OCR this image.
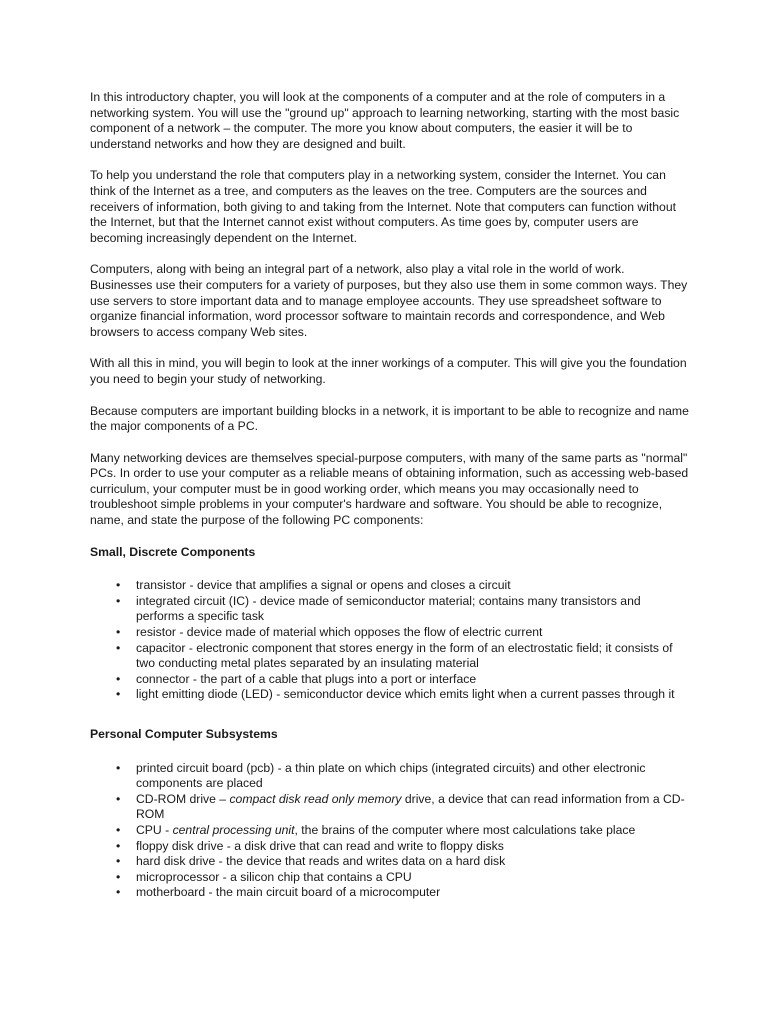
In this introductory chapter, you will look at the components of a computer and at the role of computers in a networking system. You will use the "ground up" approach to learning networking, starting with the most basic component of a network – the computer. The more you know about computers, the easier it will be to understand networks and how they are designed and built.

To help you understand the role that computers play in a networking system, consider the Internet. You can think of the Internet as a tree, and computers as the leaves on the tree. Computers are the sources and receivers of information, both giving to and taking from the Internet. Note that computers can function without the Internet, but that the Internet cannot exist without computers. As time goes by, computer users are becoming increasingly dependent on the Internet.

Computers, along with being an integral part of a network, also play a vital role in the world of work. Businesses use their computers for a variety of purposes, but they also use them in some common ways. They use servers to store important data and to manage employee accounts. They use spreadsheet software to organize financial information, word processor software to maintain records and correspondence, and Web browsers to access company Web sites.

With all this in mind, you will begin to look at the inner workings of a computer. This will give you the foundation you need to begin your study of networking.

Because computers are important building blocks in a network, it is important to be able to recognize and name the major components of a PC.

Many networking devices are themselves special-purpose computers, with many of the same parts as "normal" PCs. In order to use your computer as a reliable means of obtaining information, such as accessing web-based curriculum, your computer must be in good working order, which means you may occasionally need to troubleshoot simple problems in your computer's hardware and software. You should be able to recognize, name, and state the purpose of the following PC components:

Small, Discrete Components
• transistor - device that amplifies a signal or opens and closes a circuit
• integrated circuit (IC) - device made of semiconductor material; contains many transistors and performs a specific task
• resistor - device made of material which opposes the flow of electric current
• capacitor - electronic component that stores energy in the form of an electrostatic field; it consists of two conducting metal plates separated by an insulating material
• connector - the part of a cable that plugs into a port or interface
• light emitting diode (LED) - semiconductor device which emits light when a current passes through it
Personal Computer Subsystems
• printed circuit board (pcb) - a thin plate on which chips (integrated circuits) and other electronic components are placed
• CD-ROM drive – compact disk read only memory drive, a device that can read information from a CD-ROM
• CPU - central processing unit, the brains of the computer where most calculations take place
• floppy disk drive - a disk drive that can read and write to floppy disks
• hard disk drive - the device that reads and writes data on a hard disk
• microprocessor - a silicon chip that contains a CPU
• motherboard - the main circuit board of a microcomputer
